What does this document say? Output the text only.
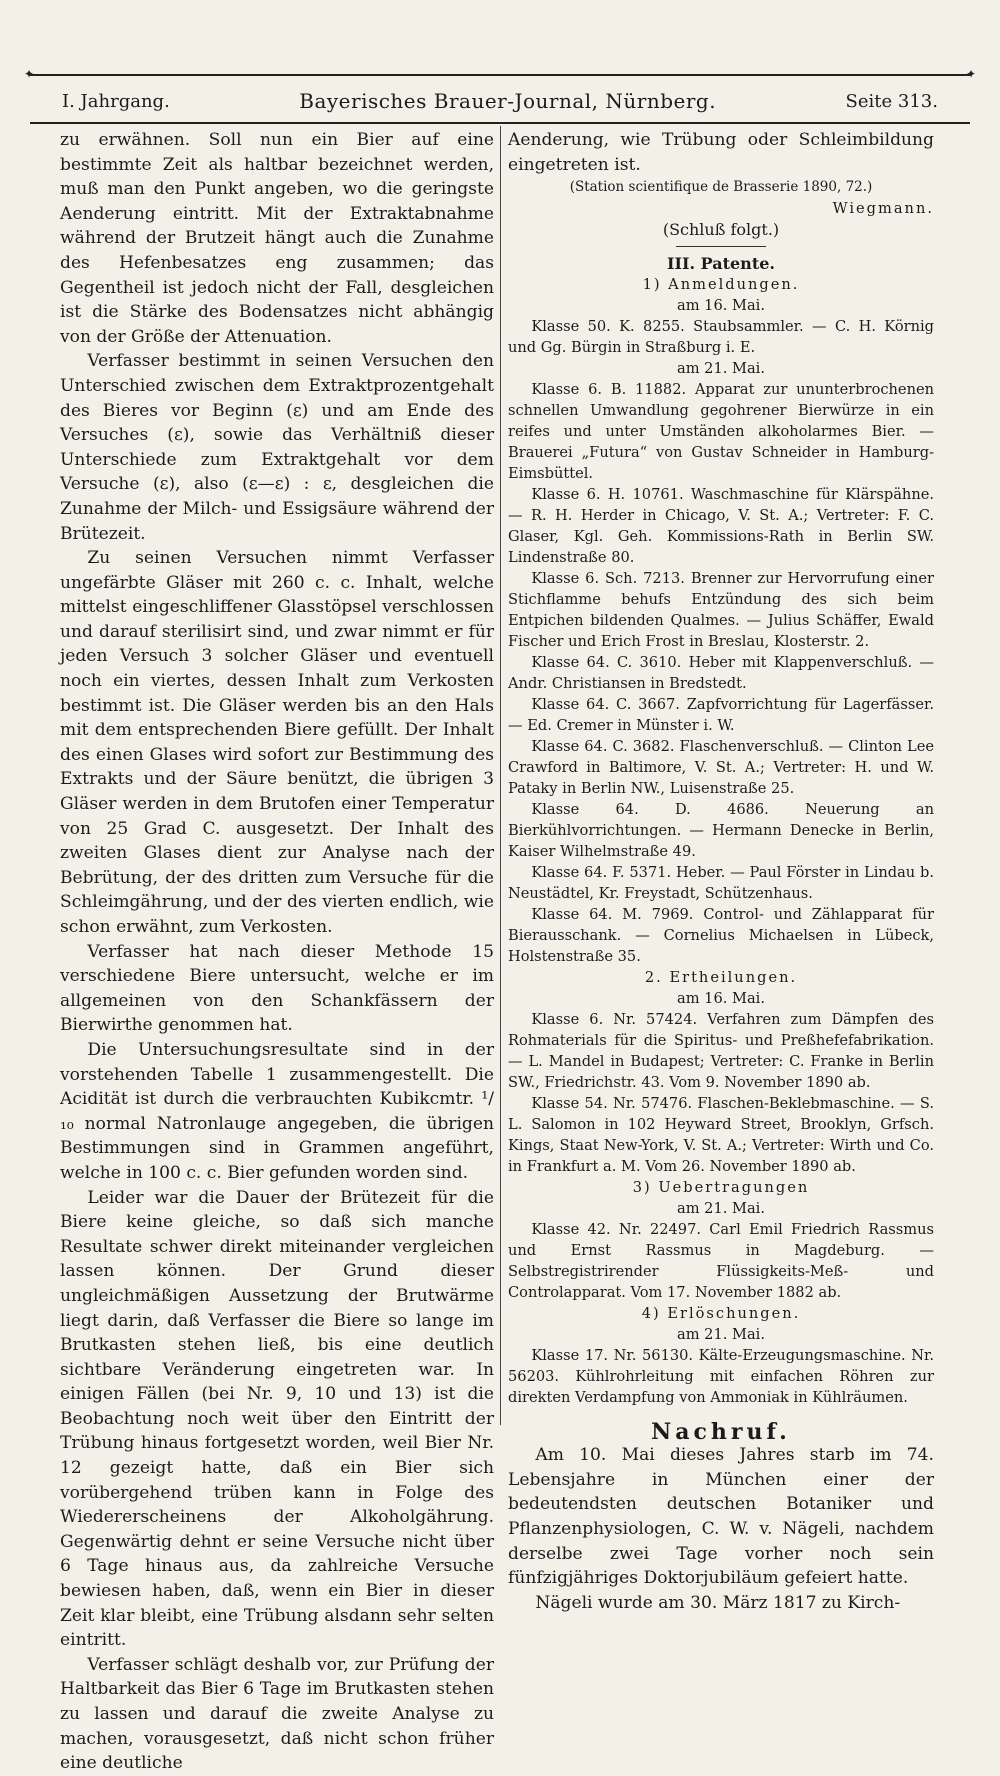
✦	✦
I. Jahrgang.	Bayerisches Brauer-Journal, Nürnberg.	Seite 313.

zu erwähnen. Soll nun ein Bier auf eine bestimmte Zeit als haltbar bezeichnet werden, muß man den Punkt angeben, wo die geringste Aenderung eintritt. Mit der Extraktabnahme während der Brutzeit hängt auch die Zunahme des Hefenbesatzes eng zusammen; das Gegentheil ist jedoch nicht der Fall, desgleichen ist die Stärke des Bodensatzes nicht abhängig von der Größe der Attenuation.

Verfasser bestimmt in seinen Versuchen den Unterschied zwischen dem Extraktprozentgehalt des Bieres vor Beginn (ε) und am Ende des Versuches (ε), sowie das Verhältniß dieser Unterschiede zum Extraktgehalt vor dem Versuche (ε), also (ε—ε) : ε, desgleichen die Zunahme der Milch- und Essigsäure während der Brütezeit.

Zu seinen Versuchen nimmt Verfasser ungefärbte Gläser mit 260 c. c. Inhalt, welche mittelst eingeschliffener Glasstöpsel verschlossen und darauf sterilisirt sind, und zwar nimmt er für jeden Versuch 3 solcher Gläser und eventuell noch ein viertes, dessen Inhalt zum Verkosten bestimmt ist. Die Gläser werden bis an den Hals mit dem entsprechenden Biere gefüllt. Der Inhalt des einen Glases wird sofort zur Bestimmung des Extrakts und der Säure benützt, die übrigen 3 Gläser werden in dem Brutofen einer Temperatur von 25 Grad C. ausgesetzt. Der Inhalt des zweiten Glases dient zur Analyse nach der Bebrütung, der des dritten zum Versuche für die Schleimgährung, und der des vierten endlich, wie schon erwähnt, zum Verkosten.

Verfasser hat nach dieser Methode 15 verschiedene Biere untersucht, welche er im allgemeinen von den Schankfässern der Bierwirthe genommen hat.

Die Untersuchungsresultate sind in der vorstehenden Tabelle 1 zusammengestellt. Die Acidität ist durch die verbrauchten Kubikcmtr. ¹/₁₀ normal Natronlauge angegeben, die übrigen Bestimmungen sind in Grammen angeführt, welche in 100 c. c. Bier gefunden worden sind.

Leider war die Dauer der Brütezeit für die Biere keine gleiche, so daß sich manche Resultate schwer direkt miteinander vergleichen lassen können. Der Grund dieser ungleichmäßigen Aussetzung der Brutwärme liegt darin, daß Verfasser die Biere so lange im Brutkasten stehen ließ, bis eine deutlich sichtbare Veränderung eingetreten war. In einigen Fällen (bei Nr. 9, 10 und 13) ist die Beobachtung noch weit über den Eintritt der Trübung hinaus fortgesetzt worden, weil Bier Nr. 12 gezeigt hatte, daß ein Bier sich vorübergehend trüben kann in Folge des Wiedererscheinens der Alkoholgährung. Gegenwärtig dehnt er seine Versuche nicht über 6 Tage hinaus aus, da zahlreiche Versuche bewiesen haben, daß, wenn ein Bier in dieser Zeit klar bleibt, eine Trübung alsdann sehr selten eintritt.

Verfasser schlägt deshalb vor, zur Prüfung der Haltbarkeit das Bier 6 Tage im Brutkasten stehen zu lassen und darauf die zweite Analyse zu machen, vorausgesetzt, daß nicht schon früher eine deutliche

Aenderung, wie Trübung oder Schleimbildung eingetreten ist.

(Station scientifique de Brasserie 1890, 72.)

Wiegmann.

(Schluß folgt.)

III. Patente.

1) Anmeldungen.

am 16. Mai.

Klasse 50. K. 8255. Staubsammler. — C. H. Körnig und Gg. Bürgin in Straßburg i. E.

am 21. Mai.

Klasse 6. B. 11882. Apparat zur ununterbrochenen schnellen Umwandlung gegohrener Bierwürze in ein reifes und unter Umständen alkoholarmes Bier. — Brauerei „Futura“ von Gustav Schneider in Hamburg-Eimsbüttel.

Klasse 6. H. 10761. Waschmaschine für Klärspähne. — R. H. Herder in Chicago, V. St. A.; Vertreter: F. C. Glaser, Kgl. Geh. Kommissions-Rath in Berlin SW. Lindenstraße 80.

Klasse 6. Sch. 7213. Brenner zur Hervorrufung einer Stichflamme behufs Entzündung des sich beim Entpichen bildenden Qualmes. — Julius Schäffer, Ewald Fischer und Erich Frost in Breslau, Klosterstr. 2.

Klasse 64. C. 3610. Heber mit Klappenverschluß. — Andr. Christiansen in Bredstedt.

Klasse 64. C. 3667. Zapfvorrichtung für Lagerfässer. — Ed. Cremer in Münster i. W.

Klasse 64. C. 3682. Flaschenverschluß. — Clinton Lee Crawford in Baltimore, V. St. A.; Vertreter: H. und W. Pataky in Berlin NW., Luisenstraße 25.

Klasse 64. D. 4686. Neuerung an Bierkühlvorrichtungen. — Hermann Denecke in Berlin, Kaiser Wilhelmstraße 49.

Klasse 64. F. 5371. Heber. — Paul Förster in Lindau b. Neustädtel, Kr. Freystadt, Schützenhaus.

Klasse 64. M. 7969. Control- und Zählapparat für Bierausschank. — Cornelius Michaelsen in Lübeck, Holstenstraße 35.

2. Ertheilungen.

am 16. Mai.

Klasse 6. Nr. 57424. Verfahren zum Dämpfen des Rohmaterials für die Spiritus- und Preßhefefabrikation. — L. Mandel in Budapest; Vertreter: C. Franke in Berlin SW., Friedrichstr. 43. Vom 9. November 1890 ab.

Klasse 54. Nr. 57476. Flaschen-Beklebmaschine. — S. L. Salomon in 102 Heyward Street, Brooklyn, Grfsch. Kings, Staat New-York, V. St. A.; Vertreter: Wirth und Co. in Frankfurt a. M. Vom 26. November 1890 ab.

3) Uebertragungen

am 21. Mai.

Klasse 42. Nr. 22497. Carl Emil Friedrich Rassmus und Ernst Rassmus in Magdeburg. — Selbstregistrirender Flüssigkeits-Meß- und Controlapparat. Vom 17. November 1882 ab.

4) Erlöschungen.

am 21. Mai.

Klasse 17. Nr. 56130. Kälte-Erzeugungsmaschine. Nr. 56203. Kühlrohrleitung mit einfachen Röhren zur direkten Verdampfung von Ammoniak in Kühlräumen.

Nachruf.

Am 10. Mai dieses Jahres starb im 74. Lebensjahre in München einer der bedeutendsten deutschen Botaniker und Pflanzenphysiologen, C. W. v. Nägeli, nachdem derselbe zwei Tage vorher noch sein fünfzigjähriges Doktorjubiläum gefeiert hatte.

Nägeli wurde am 30. März 1817 zu Kirch-
